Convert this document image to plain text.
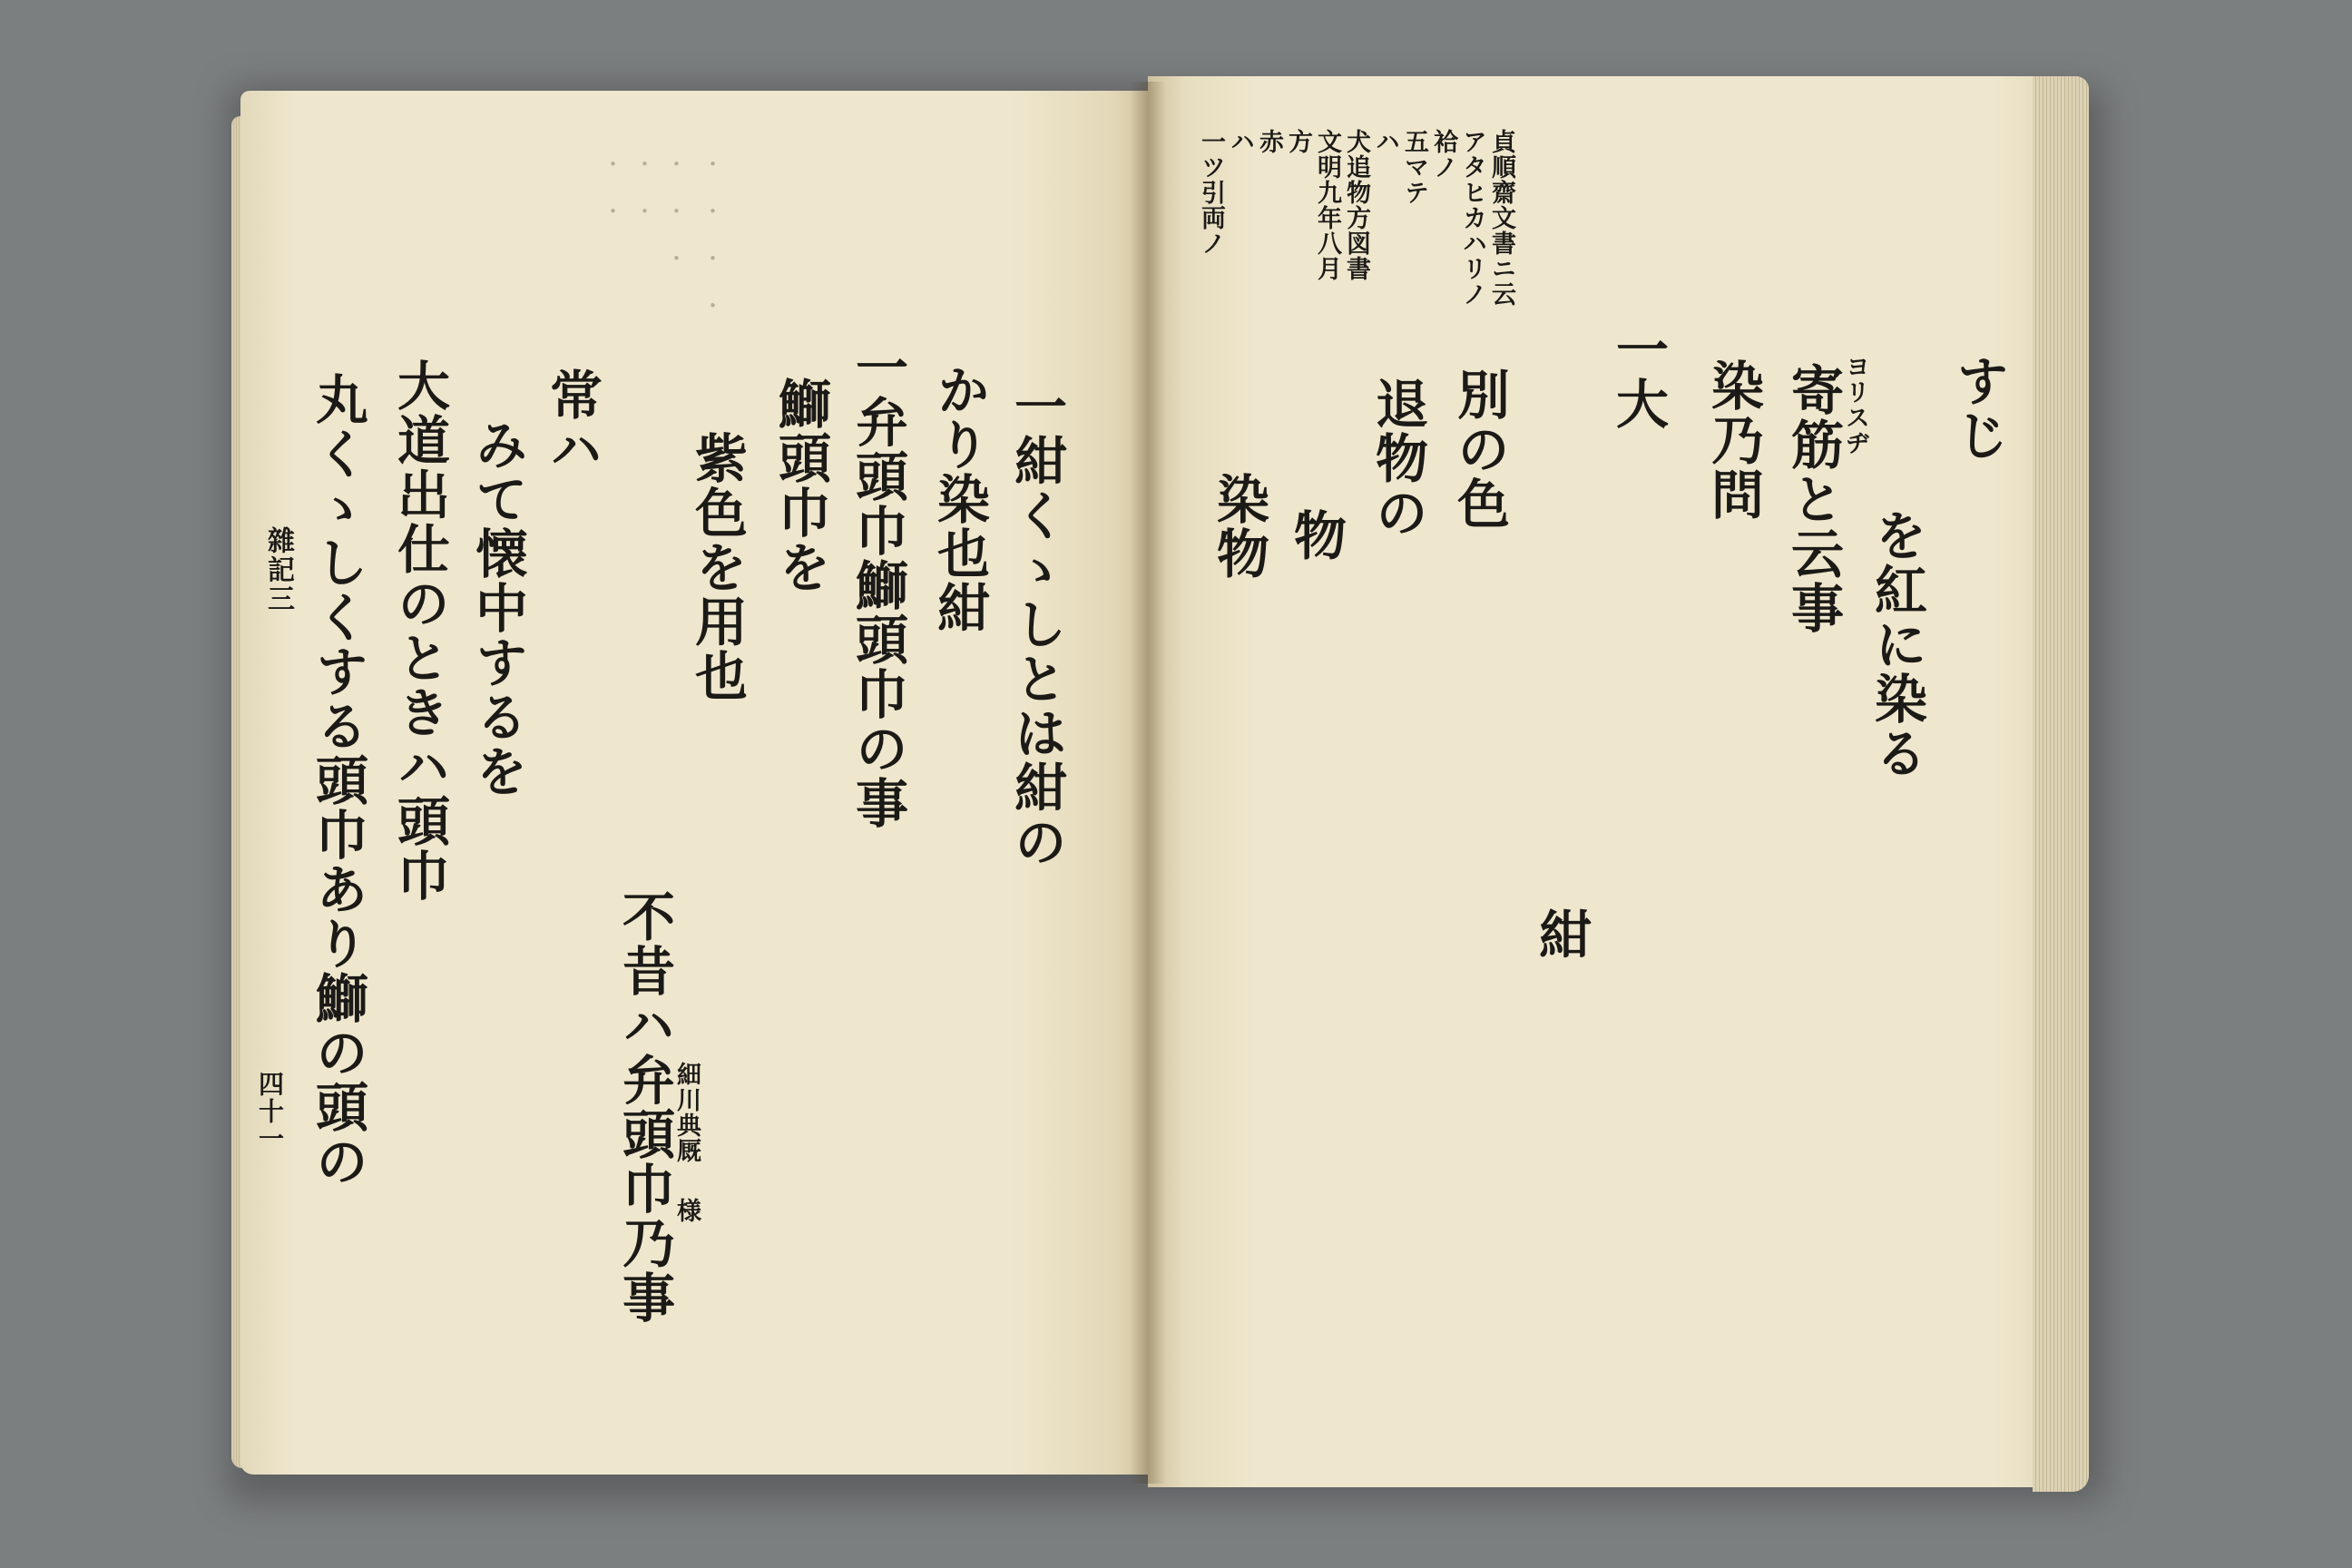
・　・　・　・
・　・　・
・　・
・　・
一紺くゝしとは紺の
かり染也紺
一弁頭巾鰤頭巾の事
鰤頭巾を
紫色を用也
不昔ハ弁頭巾乃事
常ハ
みて懐中するを
大道出仕のときハ頭巾
丸くゝしくする頭巾あり鰤の頭の	細川典厩
様
雜記三
四十一
貞順齋文書ニ云
アタヒカハリノ
袷ノ
五マテ
ハ
犬追物方図書
文明九年八月
方
赤
ハ
一ツ引両ノ
すじ
を紅に染る
寄筋と云事
染乃問
一大
紺
別の色
退物の
物
染物
ヨリスヂ
